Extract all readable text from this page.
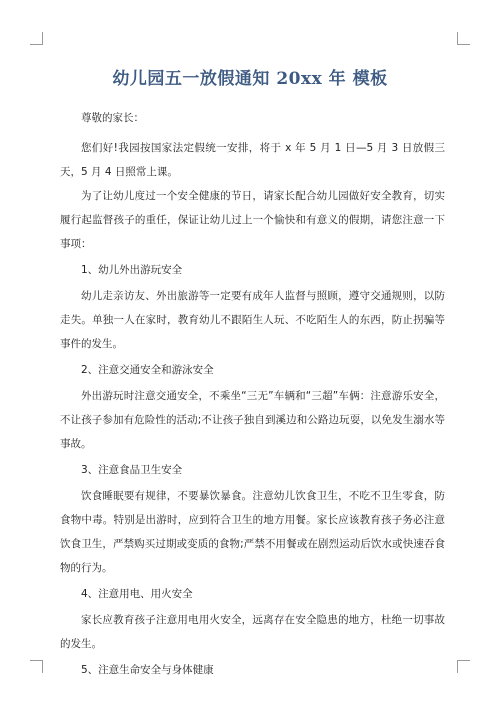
幼儿园五一放假通知 20xx 年 模板

尊敬的家长：

您们好!我园按国家法定假统一安排，将于 x 年 5 月 1 日—5 月 3 日放假三天，5 月 4 日照常上课。

为了让幼儿度过一个安全健康的节日，请家长配合幼儿园做好安全教育，切实履行起监督孩子的重任，保证让幼儿过上一个愉快和有意义的假期，请您注意一下事项：

1、幼儿外出游玩安全

幼儿走亲访友、外出旅游等一定要有成年人监督与照顾，遵守交通规则，以防走失。单独一人在家时，教育幼儿不跟陌生人玩、不吃陌生人的东西，防止拐骗等事件的发生。

2、注意交通安全和游泳安全

外出游玩时注意交通安全，不乘坐“三无”车辆和“三超”车俩：注意游乐安全，不让孩子参加有危险性的活动;不让孩子独自到溪边和公路边玩耍，以免发生溺水等事故。

3、注意食品卫生安全

饮食睡眠要有规律，不要暴饮暴食。注意幼儿饮食卫生，不吃不卫生零食，防食物中毒。特别是出游时，应到符合卫生的地方用餐。家长应该教育孩子务必注意饮食卫生，严禁购买过期或变质的食物;严禁不用餐或在剧烈运动后饮水或快速吞食物的行为。

4、注意用电、用火安全

家长应教育孩子注意用电用火安全，远离存在安全隐患的地方，杜绝一切事故的发生。

5、注意生命安全与身体健康
